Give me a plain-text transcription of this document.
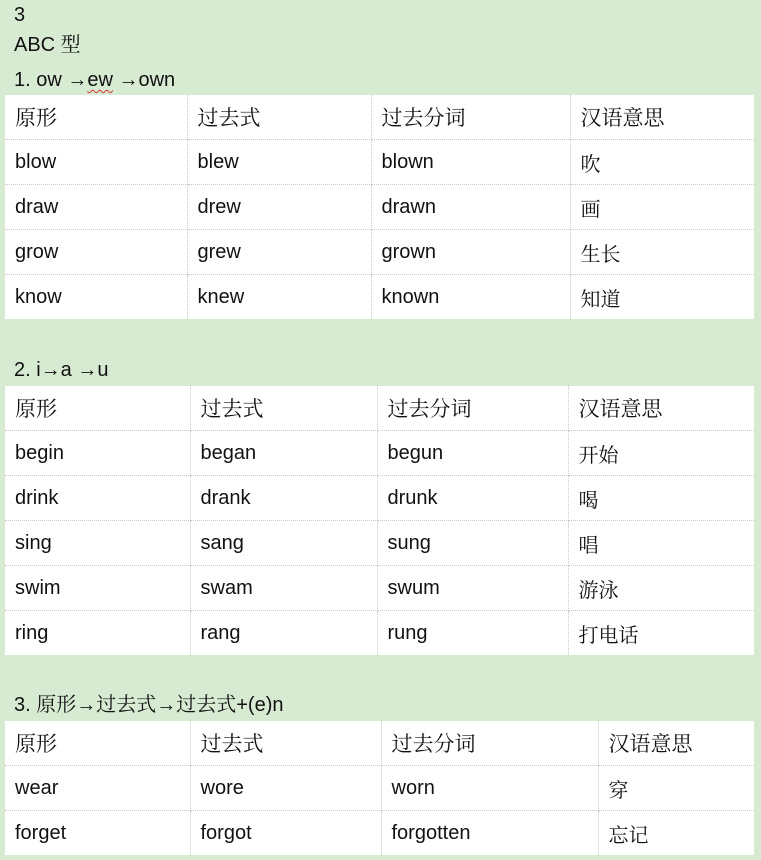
3
ABC 型
1. ow →ew →own
原形	过去式	过去分词	汉语意思
blow	blew	blown	吹
draw	drew	drawn	画
grow	grew	grown	生长
know	knew	known	知道
2. i→a →u
原形	过去式	过去分词	汉语意思
begin	began	begun	开始
drink	drank	drunk	喝
sing	sang	sung	唱
swim	swam	swum	游泳
ring	rang	rung	打电话
3. 原形→过去式→过去式+(e)n
原形	过去式	过去分词	汉语意思
wear	wore	worn	穿
forget	forgot	forgotten	忘记
